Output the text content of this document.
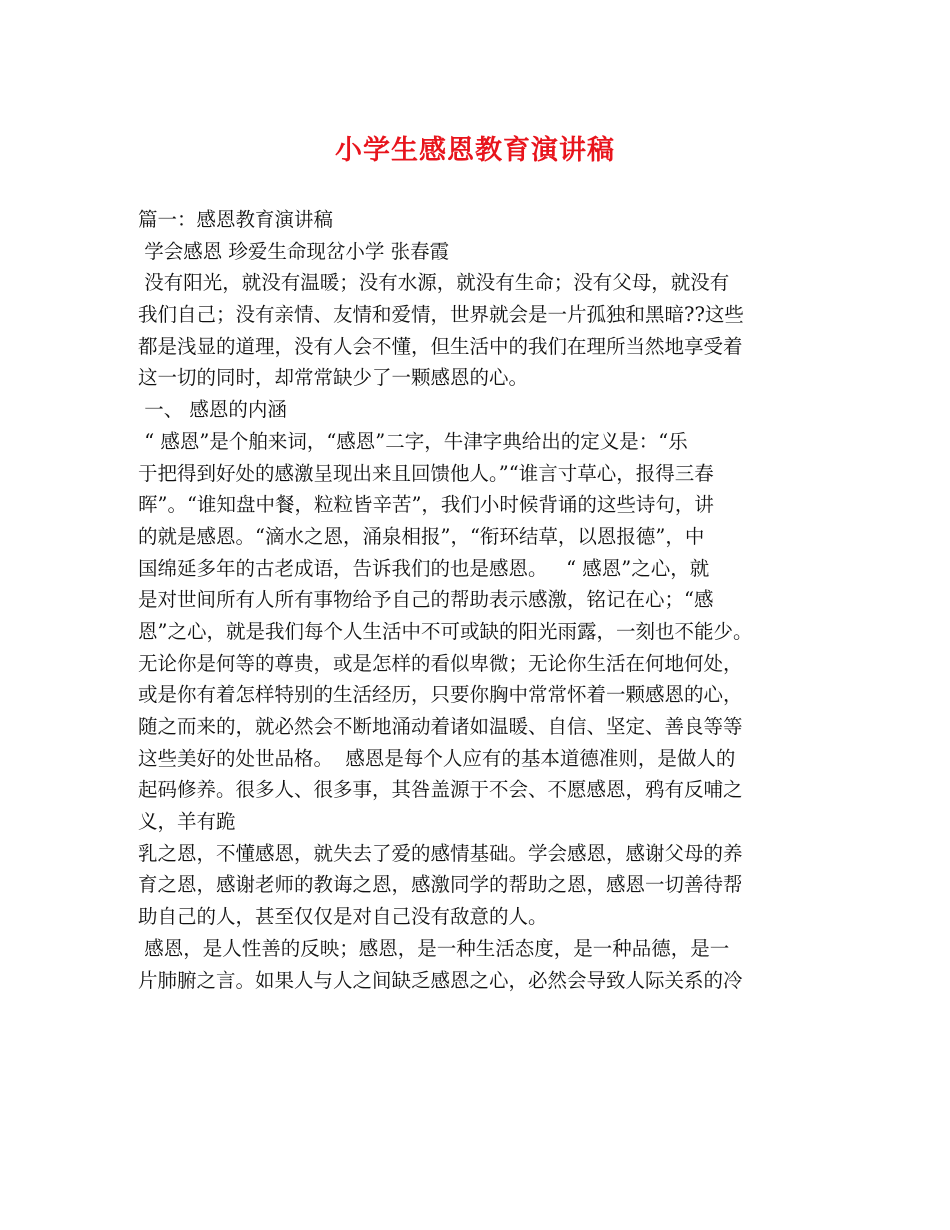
小学生感恩教育演讲稿
篇一：感恩教育演讲稿
学会感恩 珍爱生命现岔小学 张春霞
没有阳光，就没有温暖；没有水源，就没有生命；没有父母，就没有
我们自己；没有亲情、友情和爱情，世界就会是一片孤独和黑暗??这些
都是浅显的道理，没有人会不懂，但生活中的我们在理所当然地享受着
这一切的同时，却常常缺少了一颗感恩的心。
一、 感恩的内涵
“ 感恩”是个舶来词，“感恩”二字，牛津字典给出的定义是：“乐
于把得到好处的感激呈现出来且回馈他人。”“谁言寸草心，报得三春
晖”。“谁知盘中餐，粒粒皆辛苦”，我们小时候背诵的这些诗句，讲
的就是感恩。“滴水之恩，涌泉相报”，“衔环结草，以恩报德”，中
国绵延多年的古老成语，告诉我们的也是感恩。   “ 感恩”之心，就
是对世间所有人所有事物给予自己的帮助表示感激，铭记在心；“感
恩”之心，就是我们每个人生活中不可或缺的阳光雨露，一刻也不能少。
无论你是何等的尊贵，或是怎样的看似卑微；无论你生活在何地何处，
或是你有着怎样特别的生活经历，只要你胸中常常怀着一颗感恩的心，
随之而来的，就必然会不断地涌动着诸如温暖、自信、坚定、善良等等
这些美好的处世品格。  感恩是每个人应有的基本道德准则，是做人的
起码修养。很多人、很多事，其咎盖源于不会、不愿感恩，鸦有反哺之
义，羊有跪
乳之恩，不懂感恩，就失去了爱的感情基础。学会感恩，感谢父母的养
育之恩，感谢老师的教诲之恩，感激同学的帮助之恩，感恩一切善待帮
助自己的人，甚至仅仅是对自己没有敌意的人。
感恩，是人性善的反映；感恩，是一种生活态度，是一种品德，是一
片肺腑之言。如果人与人之间缺乏感恩之心，必然会导致人际关系的冷
